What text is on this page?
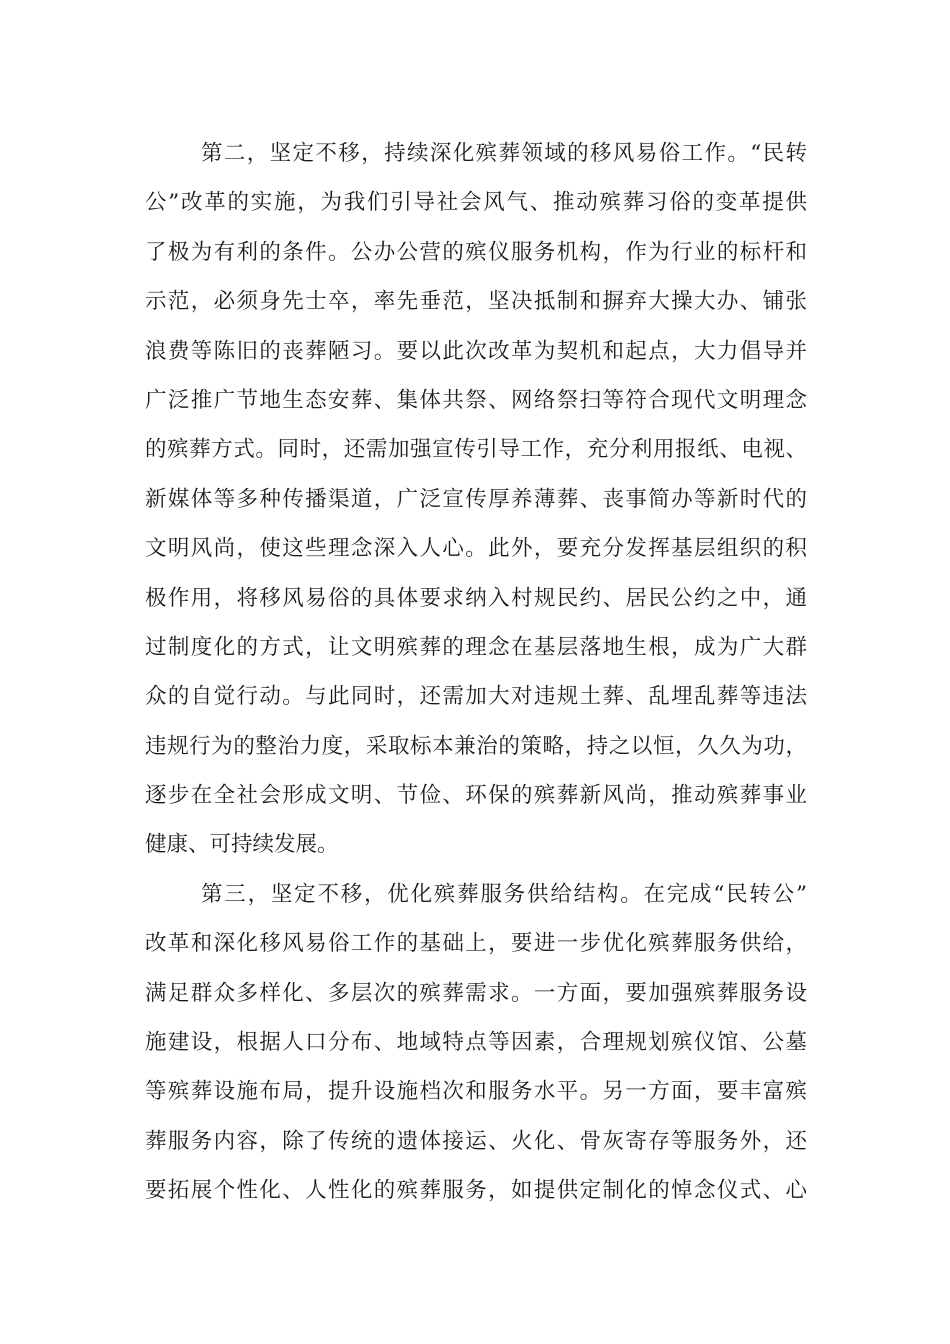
第二，坚定不移，持续深化殡葬领域的移风易俗工作。“民转
公”改革的实施，为我们引导社会风气、推动殡葬习俗的变革提供
了极为有利的条件。公办公营的殡仪服务机构，作为行业的标杆和
示范，必须身先士卒，率先垂范，坚决抵制和摒弃大操大办、铺张
浪费等陈旧的丧葬陋习。要以此次改革为契机和起点，大力倡导并
广泛推广节地生态安葬、集体共祭、网络祭扫等符合现代文明理念
的殡葬方式。同时，还需加强宣传引导工作，充分利用报纸、电视、
新媒体等多种传播渠道，广泛宣传厚养薄葬、丧事简办等新时代的
文明风尚，使这些理念深入人心。此外，要充分发挥基层组织的积
极作用，将移风易俗的具体要求纳入村规民约、居民公约之中，通
过制度化的方式，让文明殡葬的理念在基层落地生根，成为广大群
众的自觉行动。与此同时，还需加大对违规土葬、乱埋乱葬等违法
违规行为的整治力度，采取标本兼治的策略，持之以恒，久久为功，
逐步在全社会形成文明、节俭、环保的殡葬新风尚，推动殡葬事业
健康、可持续发展。
第三，坚定不移，优化殡葬服务供给结构。在完成“民转公”
改革和深化移风易俗工作的基础上，要进一步优化殡葬服务供给，
满足群众多样化、多层次的殡葬需求。一方面，要加强殡葬服务设
施建设，根据人口分布、地域特点等因素，合理规划殡仪馆、公墓
等殡葬设施布局，提升设施档次和服务水平。另一方面，要丰富殡
葬服务内容，除了传统的遗体接运、火化、骨灰寄存等服务外，还
要拓展个性化、人性化的殡葬服务，如提供定制化的悼念仪式、心
